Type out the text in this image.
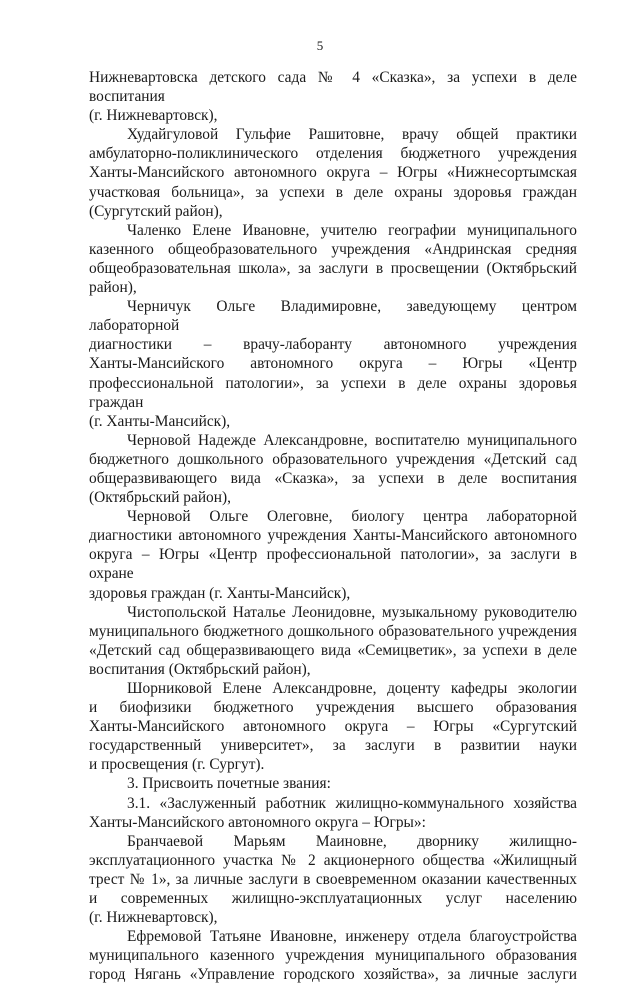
5
Нижневартовска детского сада № 4 «Сказка», за успехи в деле воспитания
(г. Нижневартовск),
Худайгуловой Гульфие Рашитовне, врачу общей практики
амбулаторно-поликлинического отделения бюджетного учреждения
Ханты-Мансийского автономного округа – Югры «Нижнесортымская
участковая больница», за успехи в деле охраны здоровья граждан
(Сургутский район),
Чаленко Елене Ивановне, учителю географии муниципального
казенного общеобразовательного учреждения «Андринская средняя
общеобразовательная школа», за заслуги в просвещении (Октябрьский
район),
Черничук Ольге Владимировне, заведующему центром лабораторной
диагностики – врачу-лаборанту автономного учреждения
Ханты-Мансийского автономного округа – Югры «Центр
профессиональной патологии», за успехи в деле охраны здоровья граждан
(г. Ханты-Мансийск),
Черновой Надежде Александровне, воспитателю муниципального
бюджетного дошкольного образовательного учреждения «Детский сад
общеразвивающего вида «Сказка», за успехи в деле воспитания
(Октябрьский район),
Черновой Ольге Олеговне, биологу центра лабораторной
диагностики автономного учреждения Ханты-Мансийского автономного
округа – Югры «Центр профессиональной патологии», за заслуги в охране
здоровья граждан (г. Ханты-Мансийск),
Чистопольской Наталье Леонидовне, музыкальному руководителю
муниципального бюджетного дошкольного образовательного учреждения
«Детский сад общеразвивающего вида «Семицветик», за успехи в деле
воспитания (Октябрьский район),
Шорниковой Елене Александровне, доценту кафедры экологии
и биофизики бюджетного учреждения высшего образования
Ханты-Мансийского автономного округа – Югры «Сургутский
государственный университет», за заслуги в развитии науки
и просвещения (г. Сургут).
3. Присвоить почетные звания:
3.1. «Заслуженный работник жилищно-коммунального хозяйства
Ханты-Мансийского автономного округа – Югры»:
Бранчаевой Марьям Маиновне, дворнику жилищно-
эксплуатационного участка № 2 акционерного общества «Жилищный
трест № 1», за личные заслуги в своевременном оказании качественных
и современных жилищно-эксплуатационных услуг населению
(г. Нижневартовск),
Ефремовой Татьяне Ивановне, инженеру отдела благоустройства
муниципального казенного учреждения муниципального образования
город Нягань «Управление городского хозяйства», за личные заслуги
